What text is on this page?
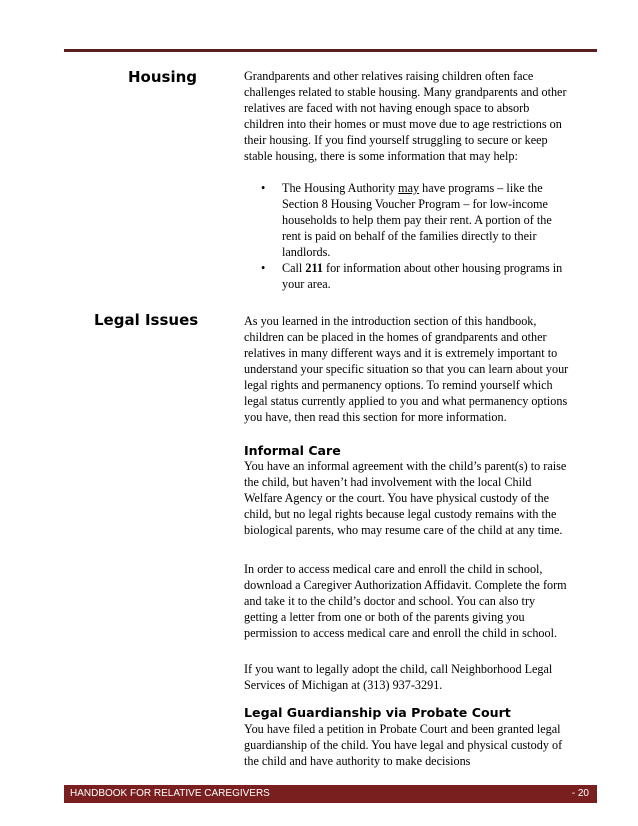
Housing	Grandparents and other relatives raising children often face challenges related to stable housing. Many grandparents and other relatives are faced with not having enough space to absorb children into their homes or must move due to age restrictions on their housing. If you find yourself struggling to secure or keep stable housing, there is some information that may help:

• The Housing Authority may have programs – like the Section 8 Housing Voucher Program – for low-income households to help them pay their rent. A portion of the rent is paid on behalf of the families directly to their landlords.
• Call 211 for information about other housing programs in your area.
Legal Issues	As you learned in the introduction section of this handbook, children can be placed in the homes of grandparents and other relatives in many different ways and it is extremely important to understand your specific situation so that you can learn about your legal rights and permanency options. To remind yourself which legal status currently applied to you and what permanency options you have, then read this section for more information.

Informal Care

You have an informal agreement with the child’s parent(s) to raise the child, but haven’t had involvement with the local Child Welfare Agency or the court. You have physical custody of the child, but no legal rights because legal custody remains with the biological parents, who may resume care of the child at any time.

In order to access medical care and enroll the child in school, download a Caregiver Authorization Affidavit. Complete the form and take it to the child’s doctor and school. You can also try getting a letter from one or both of the parents giving you permission to access medical care and enroll the child in school.

If you want to legally adopt the child, call Neighborhood Legal Services of Michigan at (313) 937-3291.

Legal Guardianship via Probate Court

You have filed a petition in Probate Court and been granted legal guardianship of the child. You have legal and physical custody of the child and have authority to make decisions

HANDBOOK FOR RELATIVE CAREGIVERS	- 20
